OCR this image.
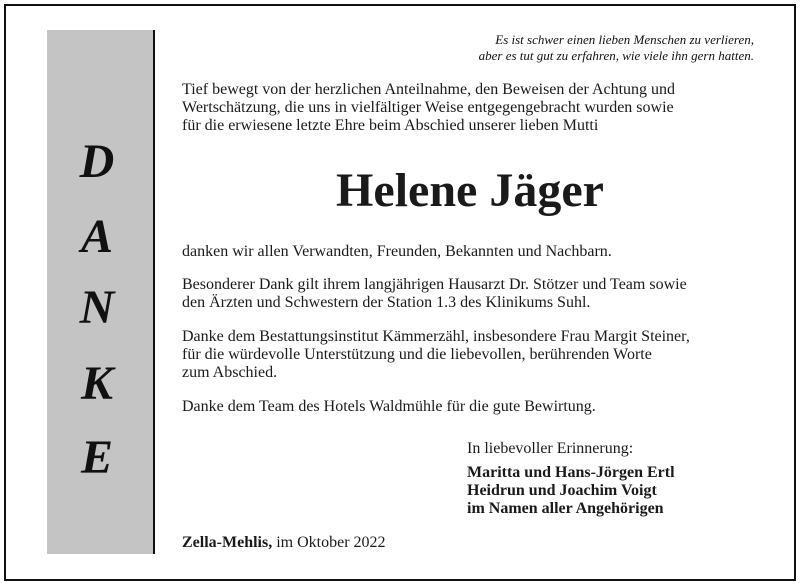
D
A
N
K
E
Es ist schwer einen lieben Menschen zu verlieren,
aber es tut gut zu erfahren, wie viele ihn gern hatten.
Tief bewegt von der herzlichen Anteilnahme, den Beweisen der Achtung und
Wertschätzung, die uns in vielfältiger Weise entgegengebracht wurden sowie
für die erwiesene letzte Ehre beim Abschied unserer lieben Mutti
Helene Jäger
danken wir allen Verwandten, Freunden, Bekannten und Nachbarn.
Besonderer Dank gilt ihrem langjährigen Hausarzt Dr. Stötzer und Team sowie
den Ärzten und Schwestern der Station 1.3 des Klinikums Suhl.
Danke dem Bestattungsinstitut Kämmerzähl, insbesondere Frau Margit Steiner,
für die würdevolle Unterstützung und die liebevollen, berührenden Worte
zum Abschied.
Danke dem Team des Hotels Waldmühle für die gute Bewirtung.
In liebevoller Erinnerung:
Maritta und Hans-Jörgen Ertl
Heidrun und Joachim Voigt
im Namen aller Angehörigen
Zella-Mehlis, im Oktober 2022
